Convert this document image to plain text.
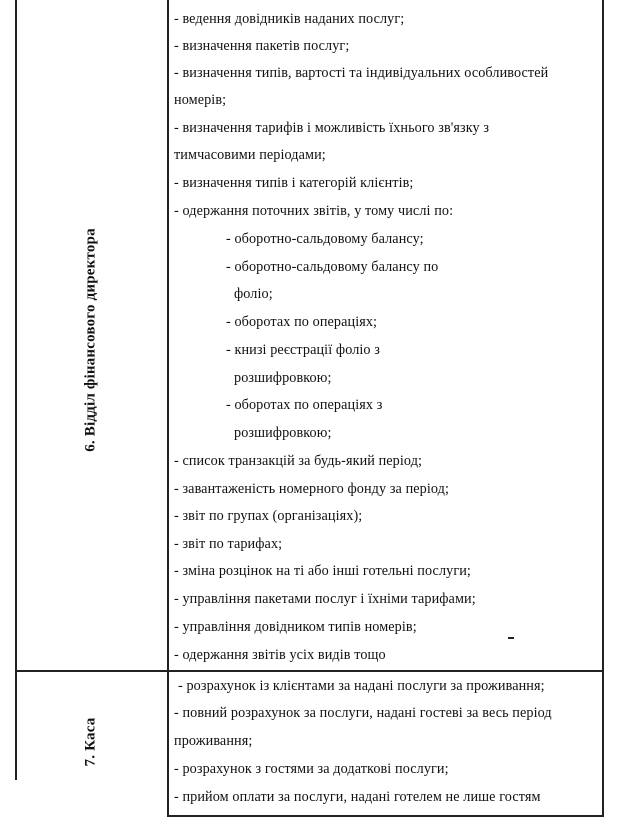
6. Відділ фінансового директора
- ведення довідників наданих послуг;
- визначення пакетів послуг;
- визначення типів, вартості та індивідуальних особливостей
номерів;
- визначення тарифів і можливість їхнього зв'язку з
тимчасовими періодами;
- визначення типів і категорій клієнтів;
- одержання поточних звітів, у тому числі по:
- оборотно-сальдовому балансу;
- оборотно-сальдовому балансу по
фоліо;
- оборотах по операціях;
- книзі реєстрації фоліо з
розшифровкою;
- оборотах по операціях з
розшифровкою;
- список транзакцій за будь-який період;
- завантаженість номерного фонду за період;
- звіт по групах (організаціях);
- звіт по тарифах;
- зміна розцінок на ті або інші готельні послуги;
- управління пакетами послуг і їхніми тарифами;
- управління довідником типів номерів;
- одержання звітів усіх видів тощо
7. Каса
- розрахунок із клієнтами за надані послуги за проживання;
- повний розрахунок за послуги, надані гостеві за весь період
проживання;
- розрахунок з гостями за додаткові послуги;
- прийом оплати за послуги, надані готелем не лише гостям
